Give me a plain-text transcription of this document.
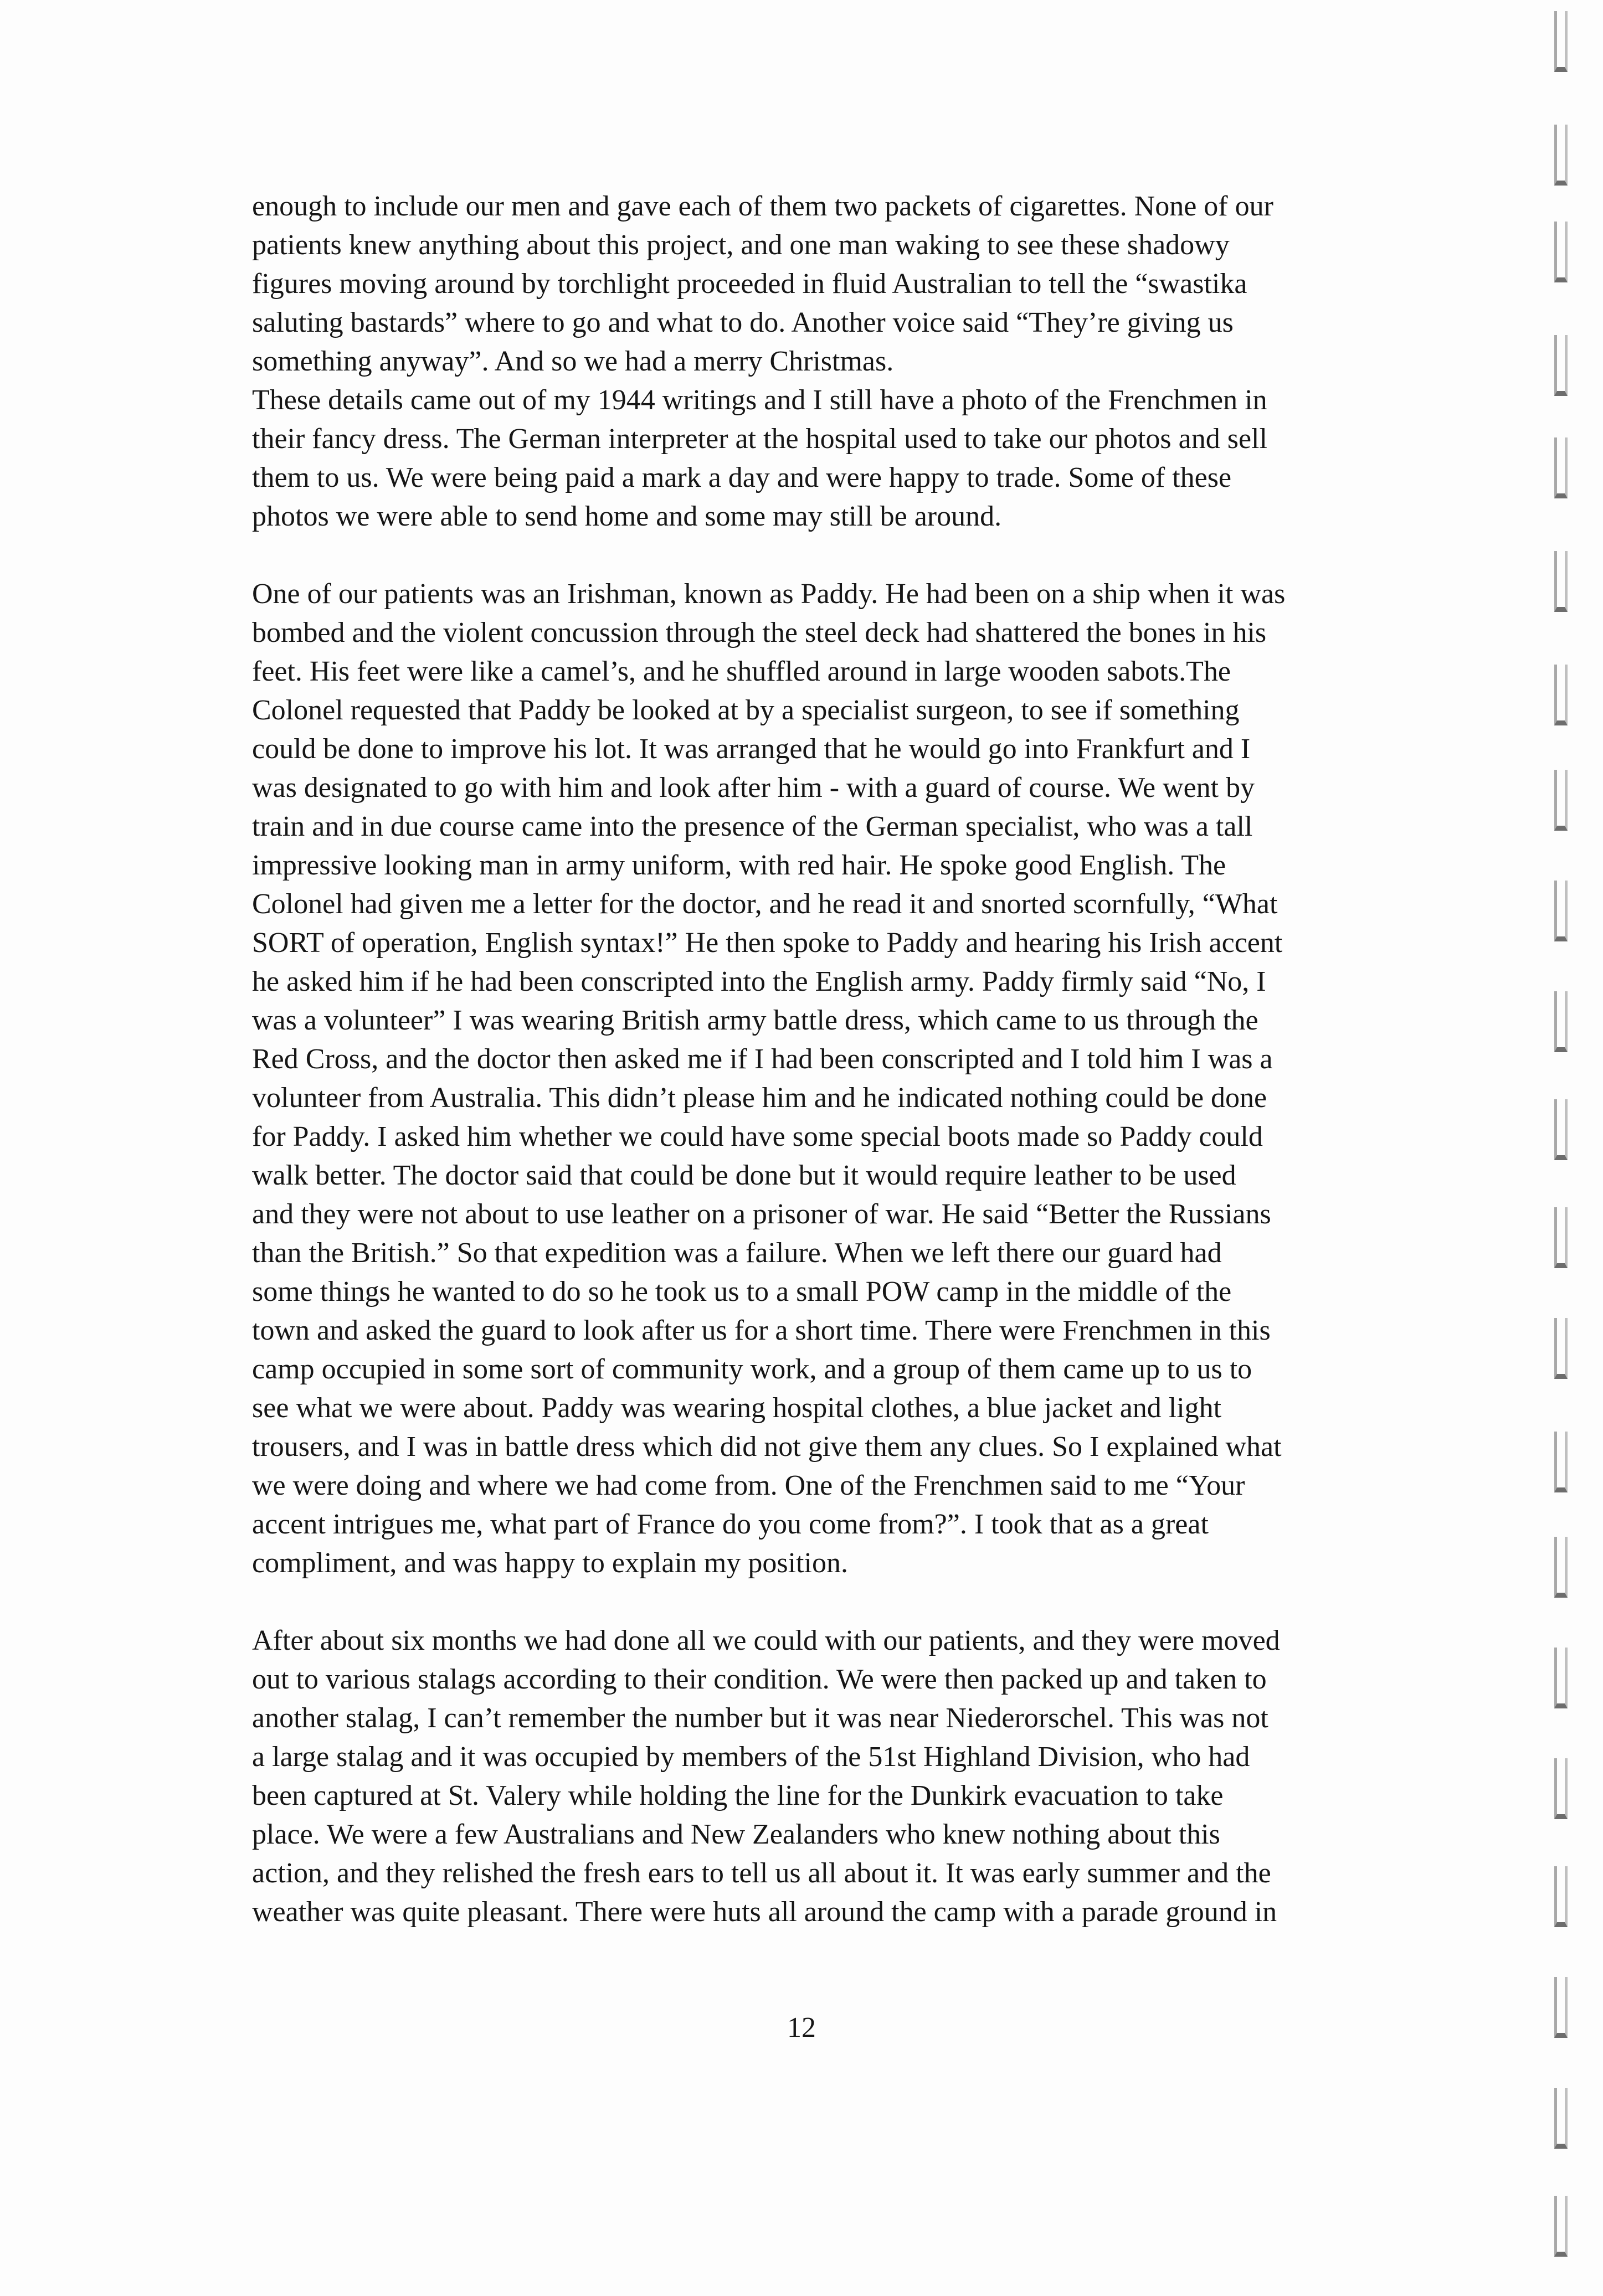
enough to include our men and gave each of them two packets of cigarettes. None of our
patients knew anything about this project, and one man waking to see these shadowy
figures moving around by torchlight proceeded in fluid Australian to tell the “swastika
saluting bastards” where to go and what to do. Another voice said “They’re giving us
something anyway”. And so we had a merry Christmas.
These details came out of my 1944 writings and I still have a photo of the Frenchmen in
their fancy dress. The German interpreter at the hospital used to take our photos and sell
them to us. We were being paid a mark a day and were happy to trade. Some of these
photos we were able to send home and some may still be around.
One of our patients was an Irishman, known as Paddy. He had been on a ship when it was
bombed and the violent concussion through the steel deck had shattered the bones in his
feet. His feet were like a camel’s, and he shuffled around in large wooden sabots.The
Colonel requested that Paddy be looked at by a specialist surgeon, to see if something
could be done to improve his lot. It was arranged that he would go into Frankfurt and I
was designated to go with him and look after him - with a guard of course. We went by
train and in due course came into the presence of the German specialist, who was a tall
impressive looking man in army uniform, with red hair. He spoke good English. The
Colonel had given me a letter for the doctor, and he read it and snorted scornfully, “What
SORT of operation, English syntax!” He then spoke to Paddy and hearing his Irish accent
he asked him if he had been conscripted into the English army. Paddy firmly said “No, I
was a volunteer” I was wearing British army battle dress, which came to us through the
Red Cross, and the doctor then asked me if I had been conscripted and I told him I was a
volunteer from Australia. This didn’t please him and he indicated nothing could be done
for Paddy. I asked him whether we could have some special boots made so Paddy could
walk better. The doctor said that could be done but it would require leather to be used
and they were not about to use leather on a prisoner of war. He said “Better the Russians
than the British.” So that expedition was a failure. When we left there our guard had
some things he wanted to do so he took us to a small POW camp in the middle of the
town and asked the guard to look after us for a short time. There were Frenchmen in this
camp occupied in some sort of community work, and a group of them came up to us to
see what we were about. Paddy was wearing hospital clothes, a blue jacket and light
trousers, and I was in battle dress which did not give them any clues. So I explained what
we were doing and where we had come from. One of the Frenchmen said to me “Your
accent intrigues me, what part of France do you come from?”. I took that as a great
compliment, and was happy to explain my position.
After about six months we had done all we could with our patients, and they were moved
out to various stalags according to their condition. We were then packed up and taken to
another stalag, I can’t remember the number but it was near Niederorschel. This was not
a large stalag and it was occupied by members of the 51st Highland Division, who had
been captured at St. Valery while holding the line for the Dunkirk evacuation to take
place. We were a few Australians and New Zealanders who knew nothing about this
action, and they relished the fresh ears to tell us all about it. It was early summer and the
weather was quite pleasant. There were huts all around the camp with a parade ground in
12
